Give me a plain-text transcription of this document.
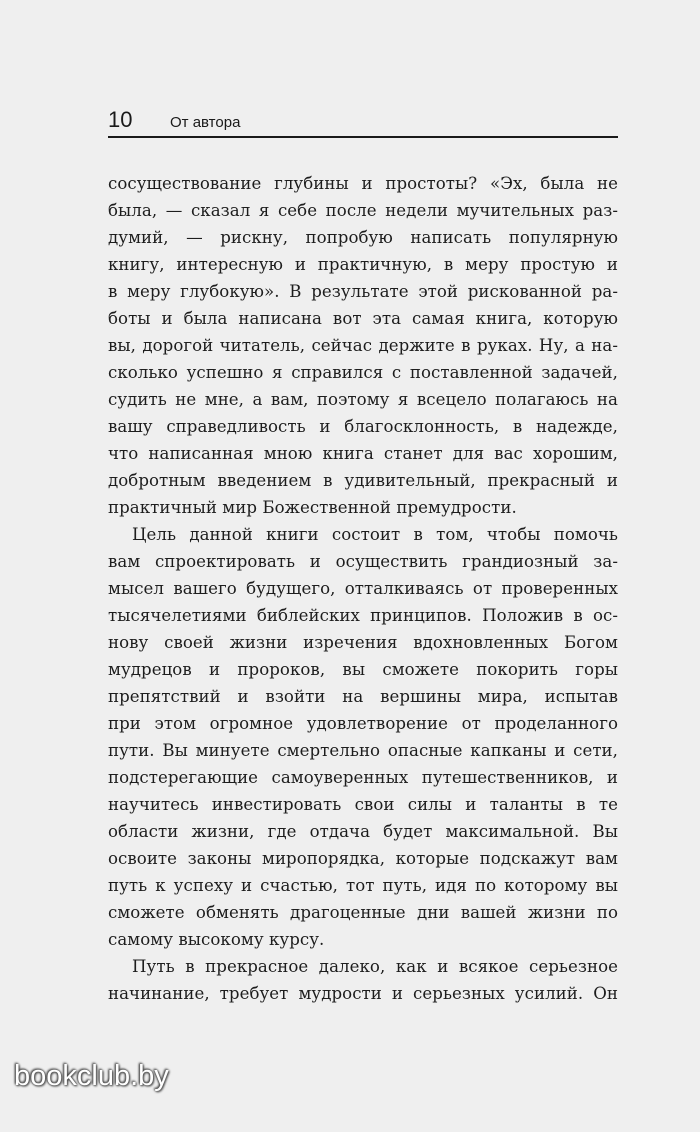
10	От автора
сосуществование глубины и простоты? «Эх, была не
была, — сказал я себе после недели мучительных раз-
думий, — рискну, попробую написать популярную
книгу, интересную и практичную, в меру простую и
в меру глубокую». В результате этой рискованной ра-
боты и была написана вот эта самая книга, которую
вы, дорогой читатель, сейчас держите в руках. Ну, а на-
сколько успешно я справился с поставленной задачей,
судить не мне, а вам, поэтому я всецело полагаюсь на
вашу справедливость и благосклонность, в надежде,
что написанная мною книга станет для вас хорошим,
добротным введением в удивительный, прекрасный и
практичный мир Божественной премудрости.
Цель данной книги состоит в том, чтобы помочь
вам спроектировать и осуществить грандиозный за-
мысел вашего будущего, отталкиваясь от проверенных
тысячелетиями библейских принципов. Положив в ос-
нову своей жизни изречения вдохновленных Богом
мудрецов и пророков, вы сможете покорить горы
препятствий и взойти на вершины мира, испытав
при этом огромное удовлетворение от проделанного
пути. Вы минуете смертельно опасные капканы и сети,
подстерегающие самоуверенных путешественников, и
научитесь инвестировать свои силы и таланты в те
области жизни, где отдача будет максимальной. Вы
освоите законы миропорядка, которые подскажут вам
путь к успеху и счастью, тот путь, идя по которому вы
сможете обменять драгоценные дни вашей жизни по
самому высокому курсу.
Путь в прекрасное далеко, как и всякое серьезное
начинание, требует мудрости и серьезных усилий. Он
bookclub.by
